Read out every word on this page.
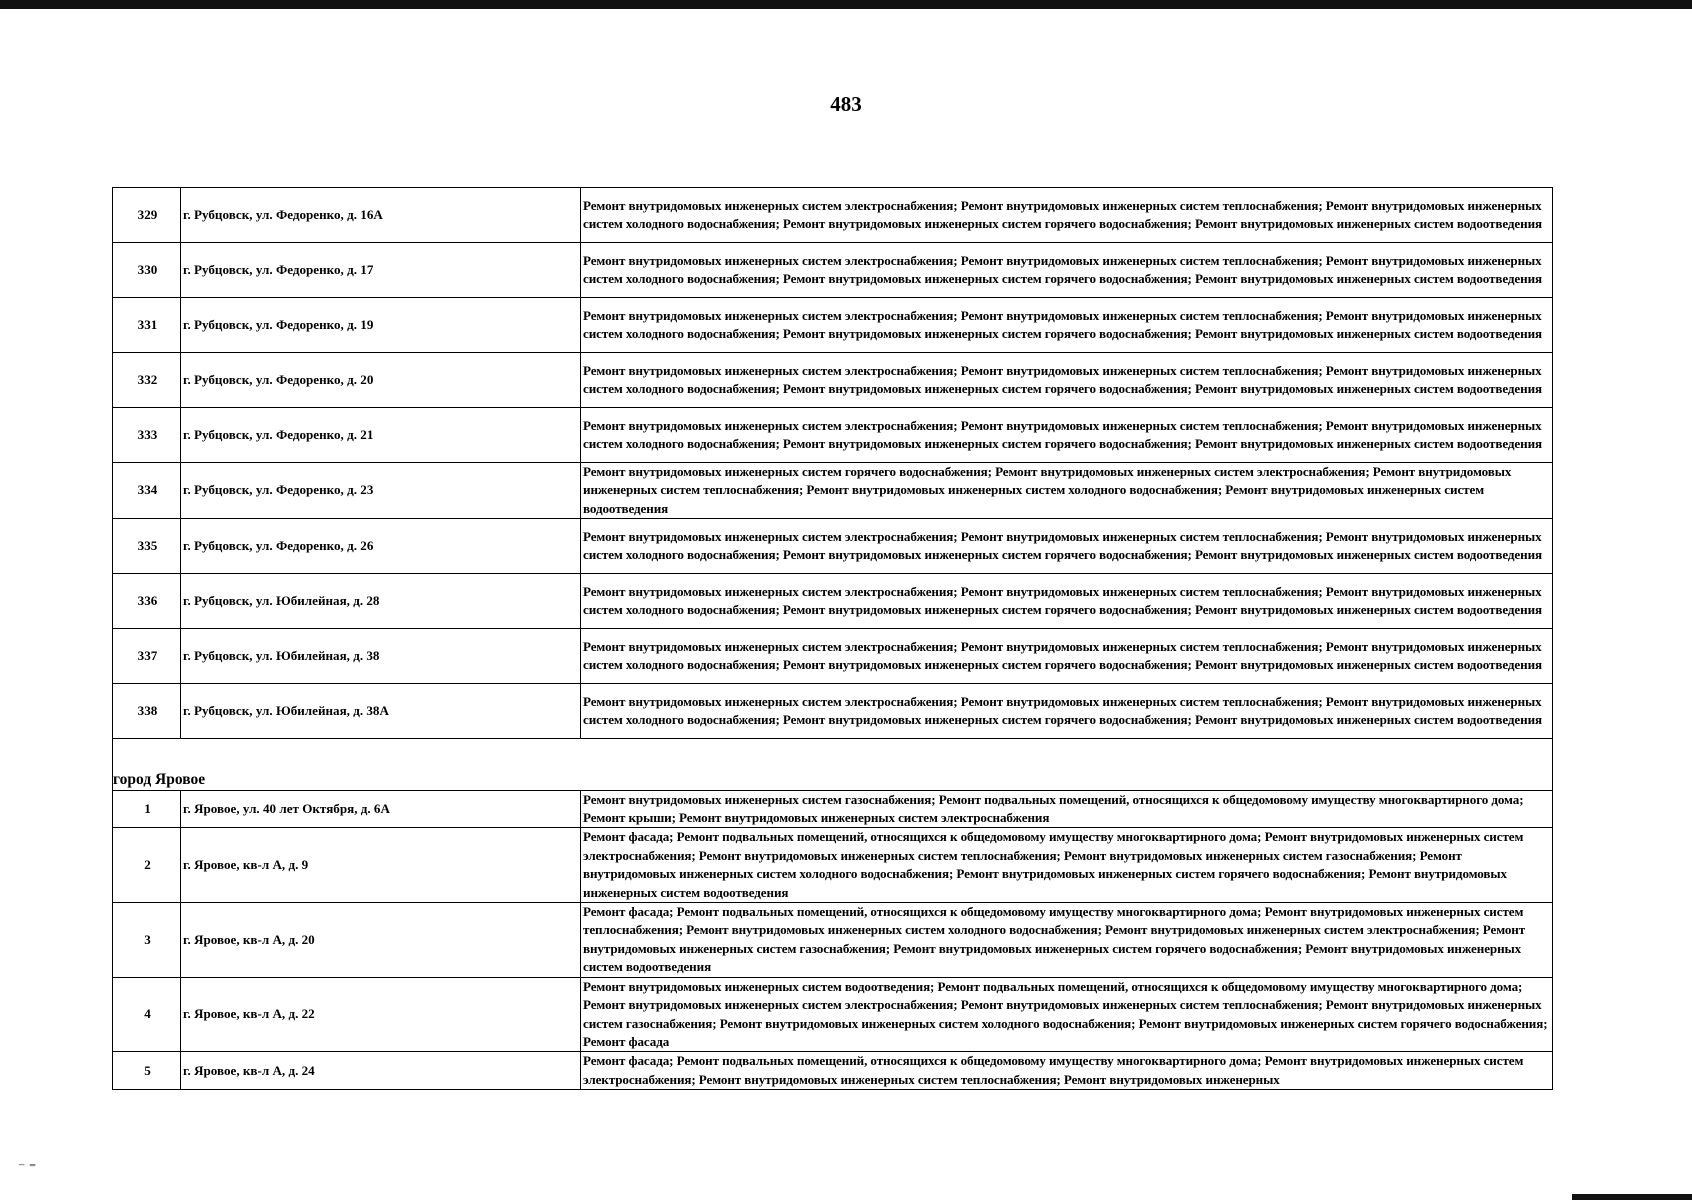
483
329	г. Рубцовск, ул. Федоренко, д. 16А	Ремонт внутридомовых инженерных систем электроснабжения; Ремонт внутридомовых инженерных систем теплоснабжения; Ремонт внутридомовых инженерных систем холодного водоснабжения; Ремонт внутридомовых инженерных систем горячего водоснабжения; Ремонт внутридомовых инженерных систем водоотведения
330	г. Рубцовск, ул. Федоренко, д. 17	Ремонт внутридомовых инженерных систем электроснабжения; Ремонт внутридомовых инженерных систем теплоснабжения; Ремонт внутридомовых инженерных систем холодного водоснабжения; Ремонт внутридомовых инженерных систем горячего водоснабжения; Ремонт внутридомовых инженерных систем водоотведения
331	г. Рубцовск, ул. Федоренко, д. 19	Ремонт внутридомовых инженерных систем электроснабжения; Ремонт внутридомовых инженерных систем теплоснабжения; Ремонт внутридомовых инженерных систем холодного водоснабжения; Ремонт внутридомовых инженерных систем горячего водоснабжения; Ремонт внутридомовых инженерных систем водоотведения
332	г. Рубцовск, ул. Федоренко, д. 20	Ремонт внутридомовых инженерных систем электроснабжения; Ремонт внутридомовых инженерных систем теплоснабжения; Ремонт внутридомовых инженерных систем холодного водоснабжения; Ремонт внутридомовых инженерных систем горячего водоснабжения; Ремонт внутридомовых инженерных систем водоотведения
333	г. Рубцовск, ул. Федоренко, д. 21	Ремонт внутридомовых инженерных систем электроснабжения; Ремонт внутридомовых инженерных систем теплоснабжения; Ремонт внутридомовых инженерных систем холодного водоснабжения; Ремонт внутридомовых инженерных систем горячего водоснабжения; Ремонт внутридомовых инженерных систем водоотведения
334	г. Рубцовск, ул. Федоренко, д. 23	Ремонт внутридомовых инженерных систем горячего водоснабжения; Ремонт внутридомовых инженерных систем электроснабжения; Ремонт внутридомовых инженерных систем теплоснабжения; Ремонт внутридомовых инженерных систем холодного водоснабжения; Ремонт внутридомовых инженерных систем водоотведения
335	г. Рубцовск, ул. Федоренко, д. 26	Ремонт внутридомовых инженерных систем электроснабжения; Ремонт внутридомовых инженерных систем теплоснабжения; Ремонт внутридомовых инженерных систем холодного водоснабжения; Ремонт внутридомовых инженерных систем горячего водоснабжения; Ремонт внутридомовых инженерных систем водоотведения
336	г. Рубцовск, ул. Юбилейная, д. 28	Ремонт внутридомовых инженерных систем электроснабжения; Ремонт внутридомовых инженерных систем теплоснабжения; Ремонт внутридомовых инженерных систем холодного водоснабжения; Ремонт внутридомовых инженерных систем горячего водоснабжения; Ремонт внутридомовых инженерных систем водоотведения
337	г. Рубцовск, ул. Юбилейная, д. 38	Ремонт внутридомовых инженерных систем электроснабжения; Ремонт внутридомовых инженерных систем теплоснабжения; Ремонт внутридомовых инженерных систем холодного водоснабжения; Ремонт внутридомовых инженерных систем горячего водоснабжения; Ремонт внутридомовых инженерных систем водоотведения
338	г. Рубцовск, ул. Юбилейная, д. 38А	Ремонт внутридомовых инженерных систем электроснабжения; Ремонт внутридомовых инженерных систем теплоснабжения; Ремонт внутридомовых инженерных систем холодного водоснабжения; Ремонт внутридомовых инженерных систем горячего водоснабжения; Ремонт внутридомовых инженерных систем водоотведения

город Яровое		
1	г. Яровое, ул. 40 лет Октября, д. 6А	Ремонт внутридомовых инженерных систем газоснабжения; Ремонт подвальных помещений, относящихся к общедомовому имуществу многоквартирного дома; Ремонт крыши; Ремонт внутридомовых инженерных систем электроснабжения
2	г. Яровое, кв-л А, д. 9	Ремонт фасада; Ремонт подвальных помещений, относящихся к общедомовому имуществу многоквартирного дома; Ремонт внутридомовых инженерных систем электроснабжения; Ремонт внутридомовых инженерных систем теплоснабжения; Ремонт внутридомовых инженерных систем газоснабжения; Ремонт внутридомовых инженерных систем холодного водоснабжения; Ремонт внутридомовых инженерных систем горячего водоснабжения; Ремонт внутридомовых инженерных систем водоотведения
3	г. Яровое, кв-л А, д. 20	Ремонт фасада; Ремонт подвальных помещений, относящихся к общедомовому имуществу многоквартирного дома; Ремонт внутридомовых инженерных систем теплоснабжения; Ремонт внутридомовых инженерных систем холодного водоснабжения; Ремонт внутридомовых инженерных систем электроснабжения; Ремонт внутридомовых инженерных систем газоснабжения; Ремонт внутридомовых инженерных систем горячего водоснабжения; Ремонт внутридомовых инженерных систем водоотведения
4	г. Яровое, кв-л А, д. 22	Ремонт внутридомовых инженерных систем водоотведения; Ремонт подвальных помещений, относящихся к общедомовому имуществу многоквартирного дома; Ремонт внутридомовых инженерных систем электроснабжения; Ремонт внутридомовых инженерных систем теплоснабжения; Ремонт внутридомовых инженерных систем газоснабжения; Ремонт внутридомовых инженерных систем холодного водоснабжения; Ремонт внутридомовых инженерных систем горячего водоснабжения; Ремонт фасада
5	г. Яровое, кв-л А, д. 24	Ремонт фасада; Ремонт подвальных помещений, относящихся к общедомовому имуществу многоквартирного дома; Ремонт внутридомовых инженерных систем электроснабжения; Ремонт внутридомовых инженерных систем теплоснабжения; Ремонт внутридомовых инженерных
⁻ ⁼
